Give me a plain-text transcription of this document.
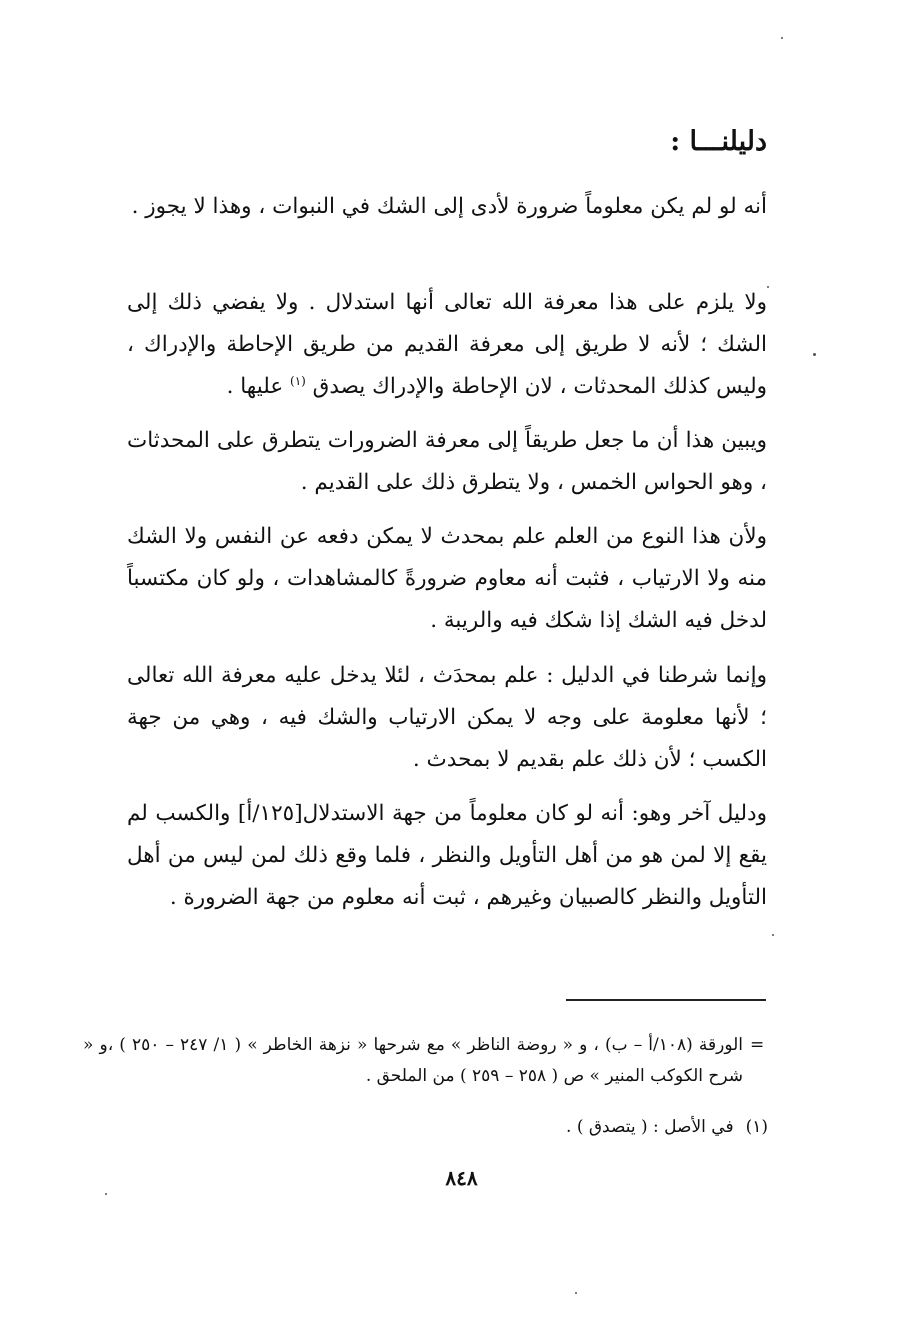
دليلنـــا :

أنه لو لم يكن معلوماً ضرورة لأدى إلى الشك في النبوات ، وهذا لا يجوز .

ولا يلزم على هذا معرفة الله تعالى أنها استدلال . ولا يفضي ذلك إلى الشك ؛ لأنه لا طريق إلى معرفة القديم من طريق الإحاطة والإدراك ، وليس كذلك المحدثات ، لان الإحاطة والإدراك يصدق $^{(١)}$ عليها .

ويبين هذا أن ما جعل طريقاً إلى معرفة الضرورات يتطرق على المحدثات ، وهو الحواس الخمس ، ولا يتطرق ذلك على القديم .

ولأن هذا النوع من العلم علم بمحدث لا يمكن دفعه عن النفس ولا الشك منه ولا الارتياب ، فثبت أنه معاوم ضرورةً كالمشاهدات ، ولو كان مكتسباً لدخل فيه الشك إذا شكك فيه والريبة .

وإنما شرطنا في الدليل : علم بمحدَث ، لئلا يدخل عليه معرفة الله تعالى ؛ لأنها معلومة على وجه لا يمكن الارتياب والشك فيه ، وهي من جهة الكسب ؛ لأن ذلك علم بقديم لا بمحدث .

ودليل آخر وهو: أنه لو كان معلوماً من جهة الاستدلال[١٢٥/أ] والكسب لم يقع إلا لمن هو من أهل التأويل والنظر ، فلما وقع ذلك لمن ليس من أهل التأويل والنظر كالصبيان وغيرهم ، ثبت أنه معلوم من جهة الضرورة .

=

الورقة (١٠٨/أ – ب) ، و « روضة الناظر » مع شرحها « نزهة الخاطر » ( ١/ ٢٤٧ – ٢٥٠ ) ،و « شرح الكوكب المنير » ص ( ٢٥٨ – ٢٥٩ ) من الملحق .

(١)في الأصل : ( يتصدق ) .

٨٤٨
